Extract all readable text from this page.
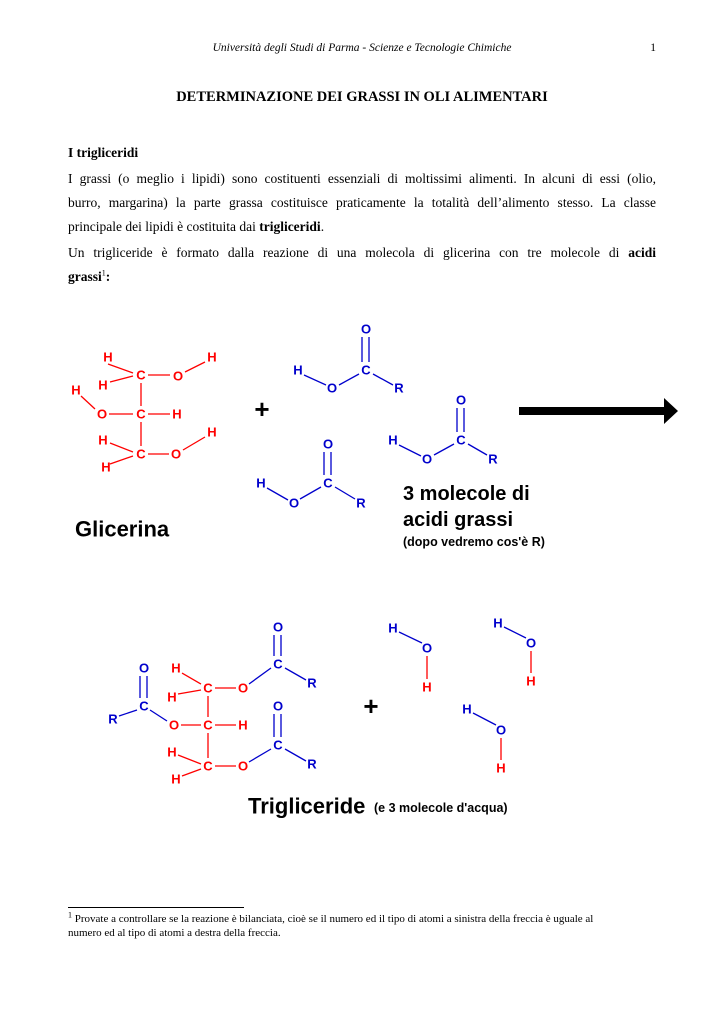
Università degli Studi di Parma - Scienze e Tecnologie Chimiche	1
DETERMINAZIONE DEI GRASSI IN OLI ALIMENTARI
I trigliceridi
I grassi (o meglio i lipidi) sono costituenti essenziali di moltissimi alimenti. In alcuni di essi (olio,
burro, margarina) la parte grassa costituisce praticamente la totalità dell’alimento stesso. La classe
principale dei lipidi è costituita dai trigliceridi.
Un trigliceride è formato dalla reazione di una molecola di glicerina con tre molecole di acidi
grassi$^1$:
H	H
H
C O
H
O C H
H
H
C O
H
O
H	C
O	R
O
H	C
O	R
O
H	C
O	R
H
C O
H
O C H
H
C O
H
O
C
R
O
C
R
O
C
R
H
O
H
H
O
H
H
O
H
+
+
Glicerina
3 molecole di
acidi grassi
(dopo vedremo cos'è R)
Trigliceride (e 3 molecole d'acqua)
$^1$ Provate a controllare se la reazione è bilanciata, cioè se il numero ed il tipo di atomi a sinistra della freccia è uguale al
numero ed al tipo di atomi a destra della freccia.
